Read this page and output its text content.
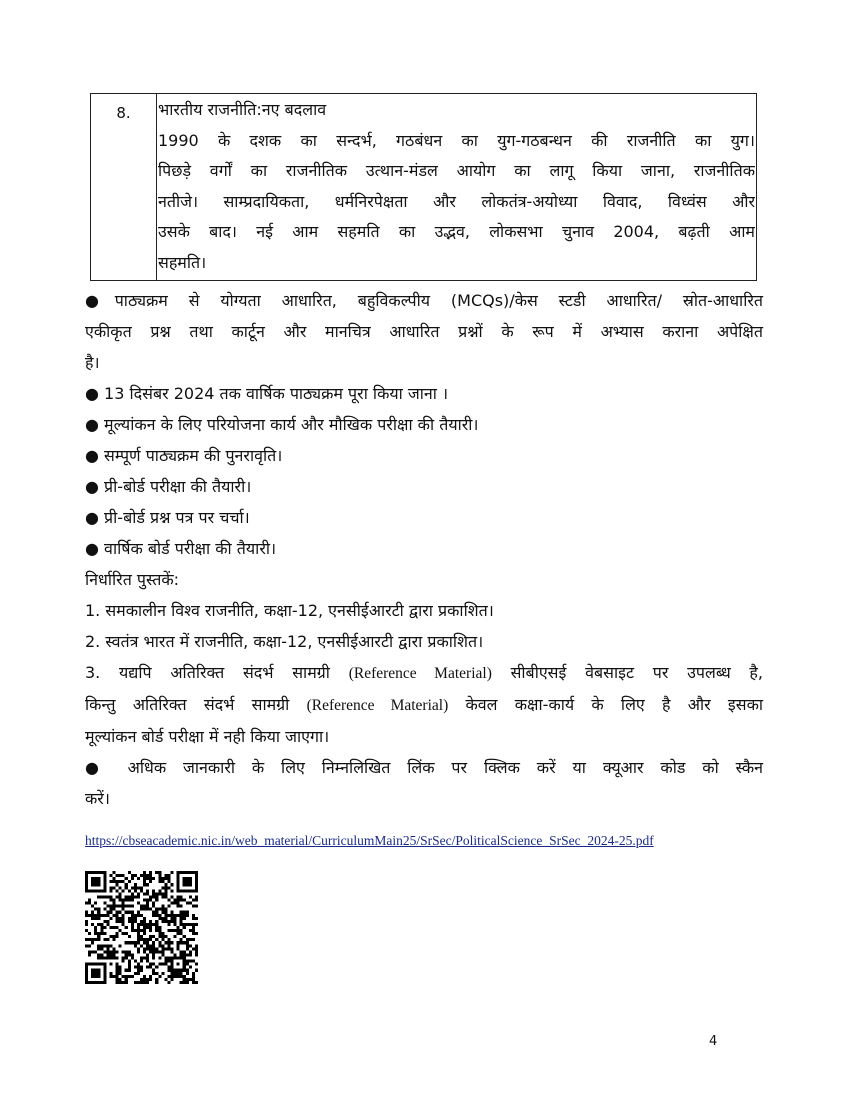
8.	भारतीय राजनीति:नए बदलाव
1990 के दशक का सन्दर्भ, गठबंधन का युग-गठबन्धन की राजनीति का युग।
पिछड़े वर्गों का राजनीतिक उत्थान-मंडल आयोग का लागू किया जाना, राजनीतिक
नतीजे। साम्प्रदायिकता, धर्मनिरपेक्षता और लोकतंत्र-अयोध्या विवाद, विध्वंस और
उसके बाद। नई आम सहमति का उद्भव, लोकसभा चुनाव 2004, बढ़ती आम
सहमति।

●पाठ्यक्रम से योग्यता आधारित, बहुविकल्पीय (MCQs)/केस स्टडी आधारित/ स्रोत-आधारित

एकीकृत प्रश्न तथा कार्टून और मानचित्र आधारित प्रश्नों के रूप में अभ्यास कराना अपेक्षित

है।

● 13 दिसंबर 2024 तक वार्षिक पाठ्यक्रम पूरा किया जाना ।

● मूल्यांकन के लिए परियोजना कार्य और मौखिक परीक्षा की तैयारी।

● सम्पूर्ण पाठ्यक्रम की पुनरावृति।

● प्री-बोर्ड परीक्षा की तैयारी।

● प्री-बोर्ड प्रश्न पत्र पर चर्चा।

● वार्षिक बोर्ड परीक्षा की तैयारी।

निर्धारित पुस्तकें:

1. समकालीन विश्व राजनीति, कक्षा-12, एनसीईआरटी द्वारा प्रकाशित।

2. स्वतंत्र भारत में राजनीति, कक्षा-12, एनसीईआरटी द्वारा प्रकाशित।

3. यद्यपि अतिरिक्त संदर्भ सामग्री (Reference Material) सीबीएसई वेबसाइट पर उपलब्ध है,

किन्तु अतिरिक्त संदर्भ सामग्री (Reference Material) केवल कक्षा-कार्य के लिए है और इसका

मूल्यांकन बोर्ड परीक्षा में नही किया जाएगा।

● अधिक जानकारी के लिए निम्नलिखित लिंक पर क्लिक करें या क्यूआर कोड को स्कैन

करें।

https://cbseacademic.nic.in/web_material/CurriculumMain25/SrSec/PoliticalScience_SrSec_2024-25.pdf
4
